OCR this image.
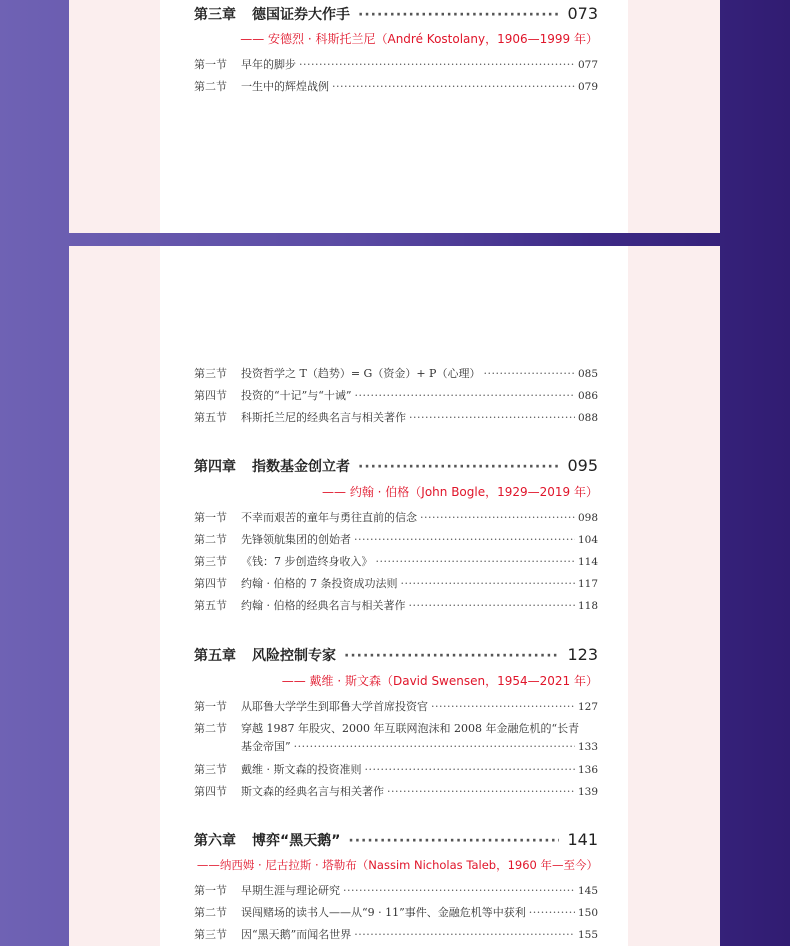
第三章	德国证券大作手 ·····	073
—— 安德烈 · 科斯托兰尼（André Kostolany，1906—1999 年）
第一节	早年的脚步 ·····	077
第二节	一生中的辉煌战例 ·····	079
第三节	投资哲学之 T（趋势）= G（资金）+ P（心理） ·····	085
第四节	投资的“十记”与“十诫” ·····	086
第五节	科斯托兰尼的经典名言与相关著作 ·····	088
第四章	指数基金创立者 ·····	095
—— 约翰 · 伯格（John Bogle，1929—2019 年）
第一节	不幸而艰苦的童年与勇往直前的信念 ·····	098
第二节	先锋领航集团的创始者 ·····	104
第三节	《钱：7 步创造终身收入》 ·····	114
第四节	约翰 · 伯格的 7 条投资成功法则 ·····	117
第五节	约翰 · 伯格的经典名言与相关著作 ·····	118
第五章	风险控制专家 ·····	123
—— 戴维 · 斯文森（David Swensen，1954—2021 年）
第一节	从耶鲁大学学生到耶鲁大学首席投资官 ·····	127
第二节	穿越 1987 年股灾、2000 年互联网泡沫和 2008 年金融危机的“长青
基金帝国” ·····	133
第三节	戴维 · 斯文森的投资准则 ·····	136
第四节	斯文森的经典名言与相关著作 ·····	139
第六章	博弈“黑天鹅” ·····	141
——纳西姆 · 尼古拉斯 · 塔勒布（Nassim Nicholas Taleb，1960 年—至今）
第一节	早期生涯与理论研究 ·····	145
第二节	误闯赌场的读书人——从“9 · 11”事件、金融危机等中获利 ·····	150
第三节	因“黑天鹅”而闻名世界 ·····	155
